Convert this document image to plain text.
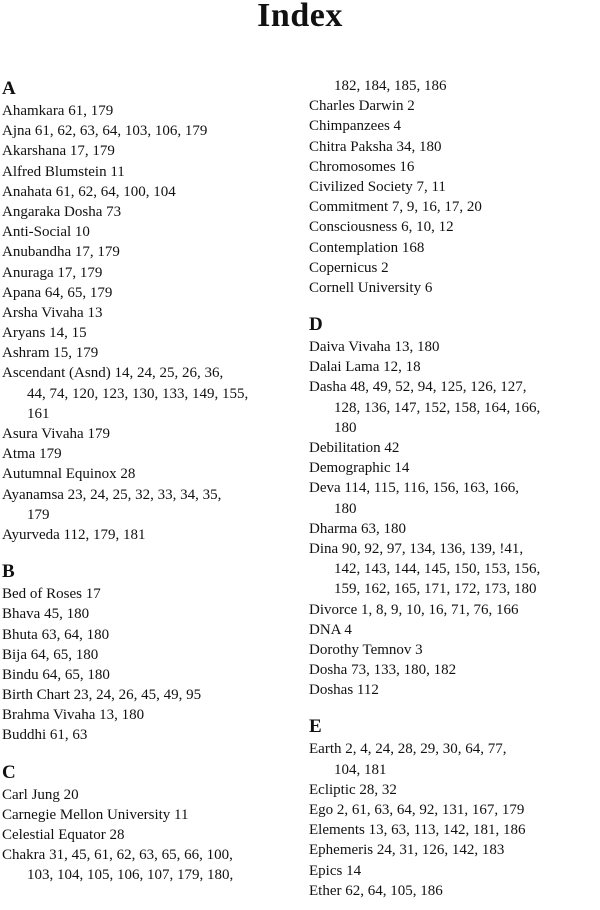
Index
A
Ahamkara 61, 179
Ajna 61, 62, 63, 64, 103, 106, 179
Akarshana 17, 179
Alfred Blumstein 11
Anahata 61, 62, 64, 100, 104
Angaraka Dosha 73
Anti-Social 10
Anubandha 17, 179
Anuraga 17, 179
Apana 64, 65, 179
Arsha Vivaha 13
Aryans 14, 15
Ashram 15, 179
Ascendant (Asnd) 14, 24, 25, 26, 36,
44, 74, 120, 123, 130, 133, 149, 155,
161
Asura Vivaha 179
Atma 179
Autumnal Equinox 28
Ayanamsa 23, 24, 25, 32, 33, 34, 35,
179
Ayurveda 112, 179, 181
B
Bed of Roses 17
Bhava 45, 180
Bhuta 63, 64, 180
Bija 64, 65, 180
Bindu 64, 65, 180
Birth Chart 23, 24, 26, 45, 49, 95
Brahma Vivaha 13, 180
Buddhi 61, 63
C
Carl Jung 20
Carnegie Mellon University 11
Celestial Equator 28
Chakra 31, 45, 61, 62, 63, 65, 66, 100,
103, 104, 105, 106, 107, 179, 180,
182, 184, 185, 186
Charles Darwin 2
Chimpanzees 4
Chitra Paksha 34, 180
Chromosomes 16
Civilized Society 7, 11
Commitment 7, 9, 16, 17, 20
Consciousness 6, 10, 12
Contemplation 168
Copernicus 2
Cornell University 6
D
Daiva Vivaha 13, 180
Dalai Lama 12, 18
Dasha 48, 49, 52, 94, 125, 126, 127,
128, 136, 147, 152, 158, 164, 166,
180
Debilitation 42
Demographic 14
Deva 114, 115, 116, 156, 163, 166,
180
Dharma 63, 180
Dina 90, 92, 97, 134, 136, 139, !41,
142, 143, 144, 145, 150, 153, 156,
159, 162, 165, 171, 172, 173, 180
Divorce 1, 8, 9, 10, 16, 71, 76, 166
DNA 4
Dorothy Temnov 3
Dosha 73, 133, 180, 182
Doshas 112
E
Earth 2, 4, 24, 28, 29, 30, 64, 77,
104, 181
Ecliptic 28, 32
Ego 2, 61, 63, 64, 92, 131, 167, 179
Elements 13, 63, 113, 142, 181, 186
Ephemeris 24, 31, 126, 142, 183
Epics 14
Ether 62, 64, 105, 186
